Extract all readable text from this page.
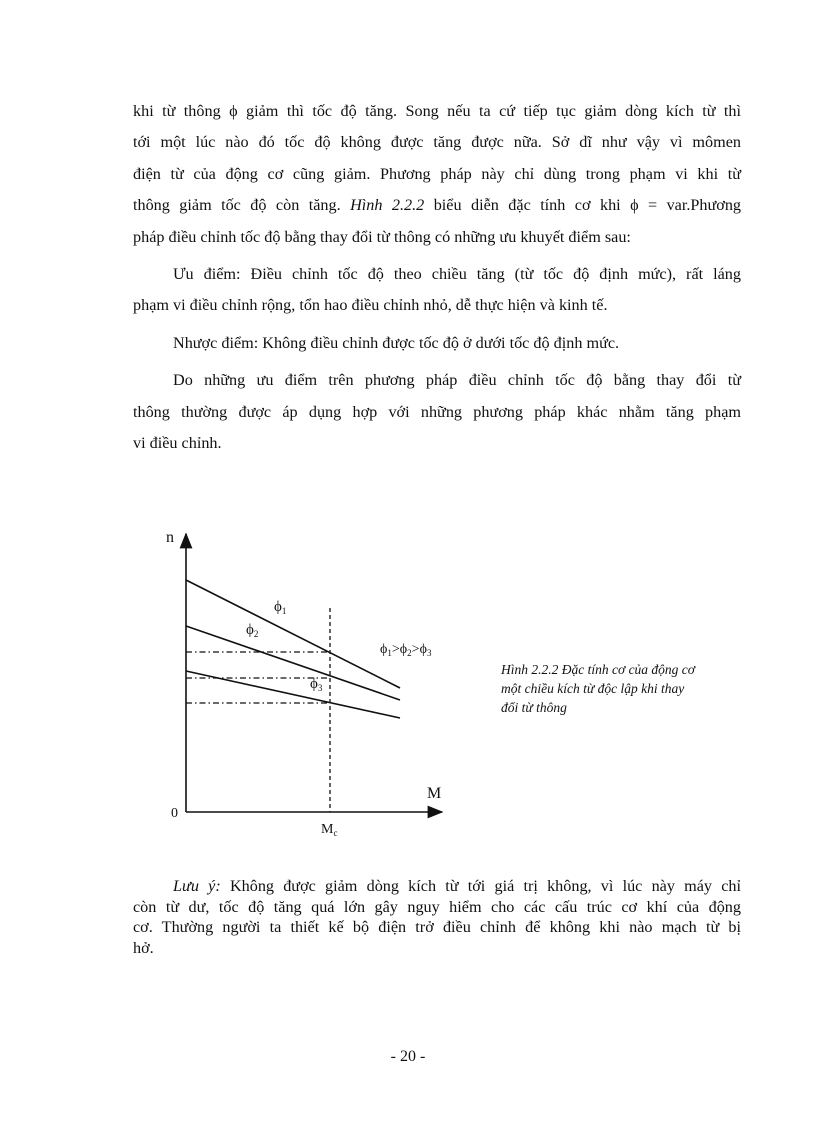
khi từ thông ϕ giảm thì tốc độ tăng. Song nếu ta cứ tiếp tục giảm dòng kích từ thì
tới một lúc nào đó tốc độ không được tăng được nữa. Sở dĩ như vậy vì mômen
điện từ của động cơ cũng giảm. Phương pháp này chỉ dùng trong phạm vi khi từ
thông giảm tốc độ còn tăng. Hình 2.2.2 biểu diễn đặc tính cơ khi ϕ = var.Phương
pháp điều chỉnh tốc độ bằng thay đổi từ thông có những ưu khuyết điểm sau:
Ưu điểm: Điều chỉnh tốc độ theo chiều tăng (từ tốc độ định mức), rất láng
phạm vi điều chỉnh rộng, tổn hao điều chỉnh nhỏ, dễ thực hiện và kinh tế.
Nhược điểm: Không điều chỉnh được tốc độ ở dưới tốc độ định mức.
Do những ưu điểm trên phương pháp điều chỉnh tốc độ bằng thay đổi từ
thông thường được áp dụng hợp với những phương pháp khác nhằm tăng phạm
vi điều chỉnh.
n
M
0
$M_c$
$\phi_1$
$\phi_2$
$\phi_3$
$\phi_1>\phi_2>\phi_3$
Hình 2.2.2 Đặc tính cơ của động cơ
một chiều kích từ độc lập khi thay
đổi từ thông
Lưu ý: Không được giảm dòng kích từ tới giá trị không, vì lúc này máy chỉ
còn từ dư, tốc độ tăng quá lớn gây nguy hiểm cho các cấu trúc cơ khí của động
cơ. Thường người ta thiết kế bộ điện trở điều chỉnh để không khi nào mạch từ bị
hở.
- 20 -
